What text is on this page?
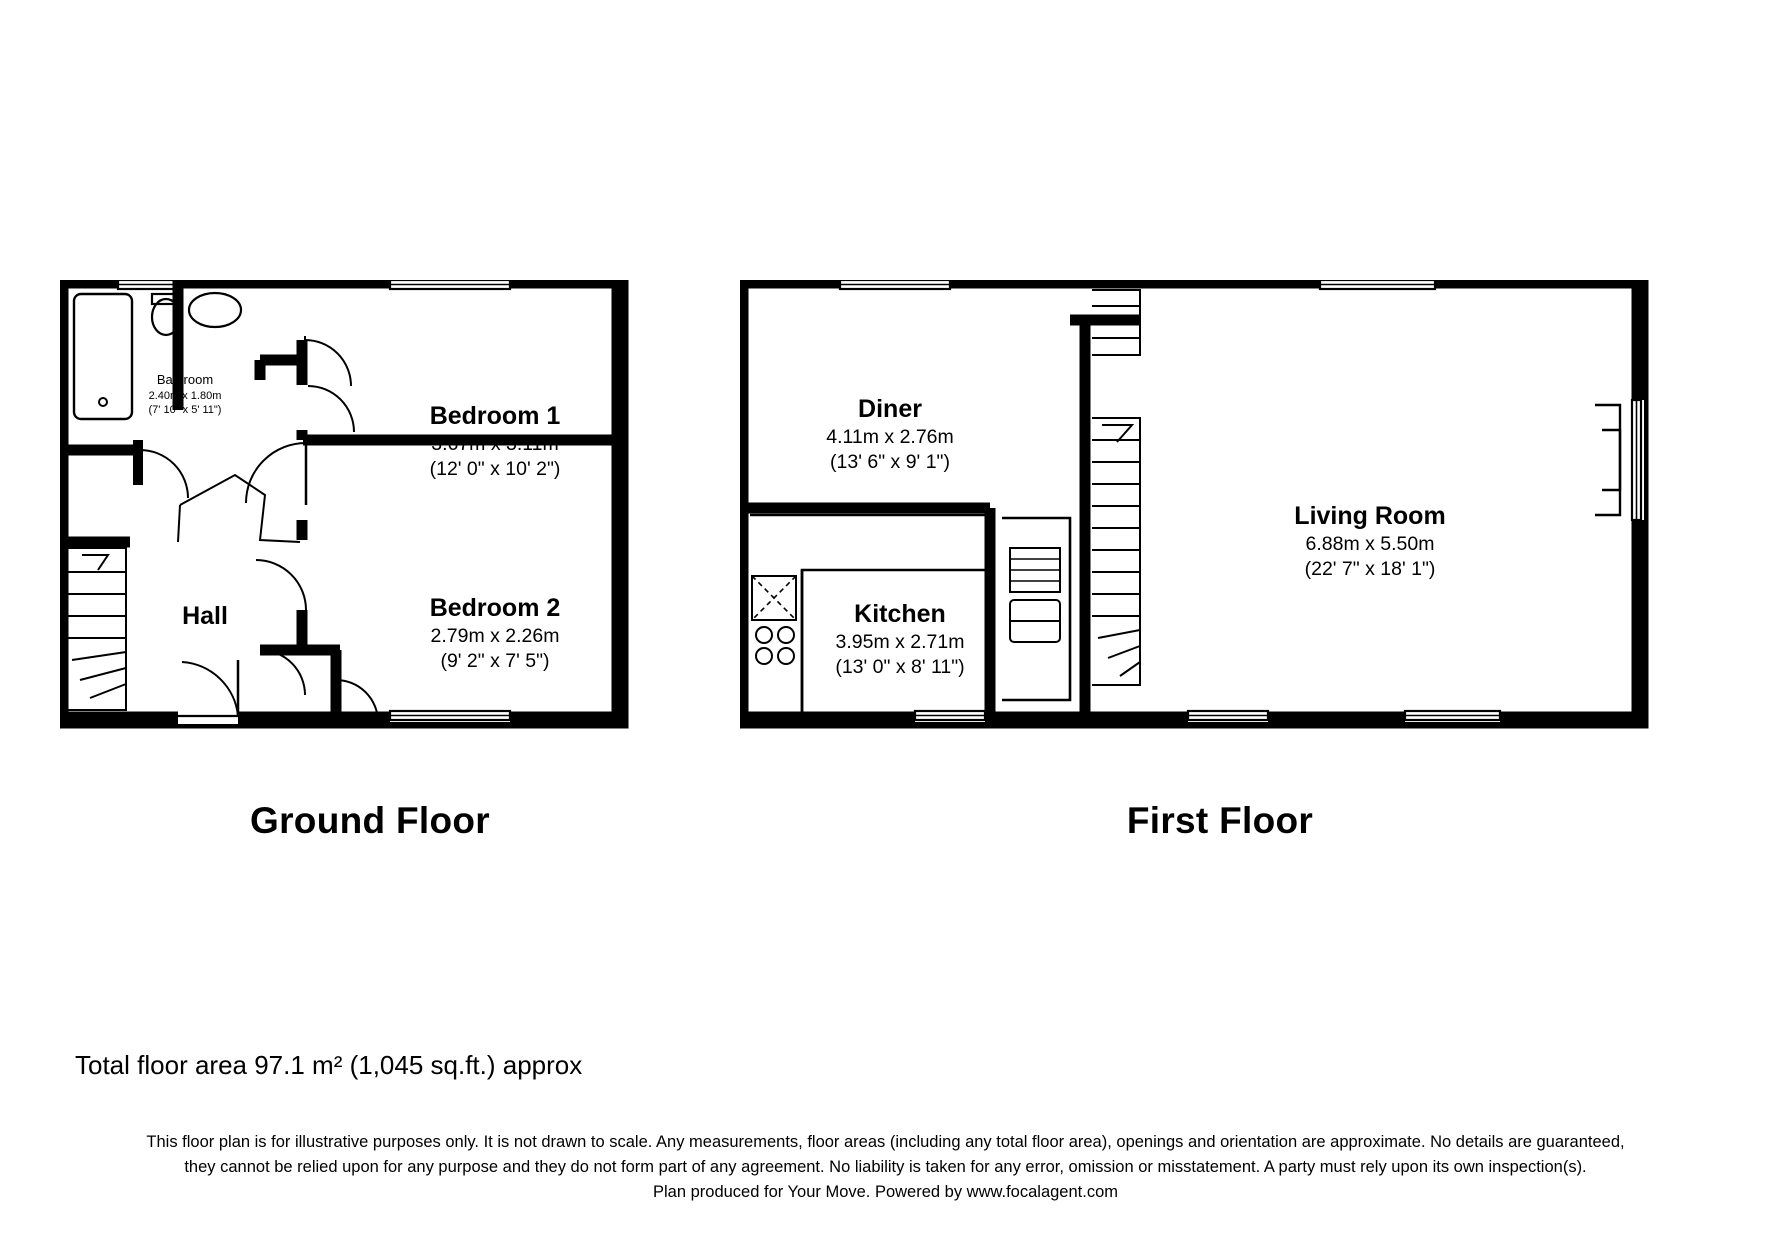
Bathroom
2.40m x 1.80m
(7' 10" x 5' 11")	Bedroom 1
3.67m x 3.11m
(12' 0" x 10' 2")
Hall	Bedroom 2
2.79m x 2.26m
(9' 2" x 7' 5")
Diner
4.11m x 2.76m
(13' 6" x 9' 1")
Kitchen
3.95m x 2.71m
(13' 0" x 8' 11")
Living Room
6.88m x 5.50m
(22' 7" x 18' 1")
Ground Floor	First Floor
Total floor area 97.1 m² (1,045 sq.ft.) approx

This floor plan is for illustrative purposes only. It is not drawn to scale. Any measurements, floor areas (including any total floor area), openings and orientation are approximate. No details are guaranteed,

they cannot be relied upon for any purpose and they do not form part of any agreement. No liability is taken for any error, omission or misstatement. A party must rely upon its own inspection(s).

Plan produced for Your Move. Powered by www.focalagent.com
